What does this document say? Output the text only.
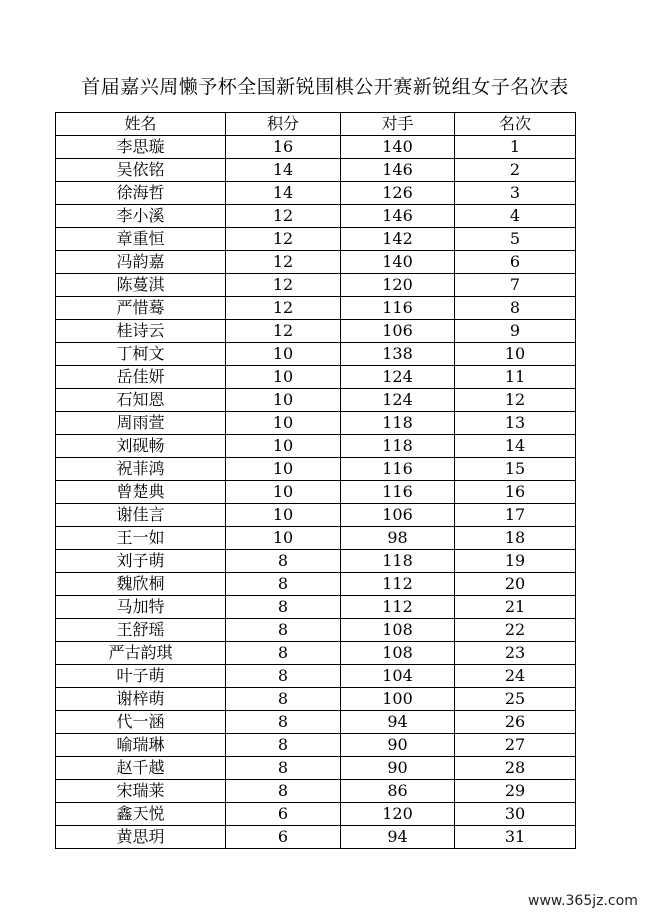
首届嘉兴周懒予杯全国新锐围棋公开赛新锐组女子名次表
姓名	积分	对手	名次
李思璇	16	140	1
吴依铭	14	146	2
徐海哲	14	126	3
李小溪	12	146	4
章重恒	12	142	5
冯韵嘉	12	140	6
陈蔓淇	12	120	7
严惜蓦	12	116	8
桂诗云	12	106	9
丁柯文	10	138	10
岳佳妍	10	124	11
石知恩	10	124	12
周雨萱	10	118	13
刘砚畅	10	118	14
祝菲鸿	10	116	15
曾楚典	10	116	16
谢佳言	10	106	17
王一如	10	98	18
刘子萌	8	118	19
魏欣桐	8	112	20
马加特	8	112	21
王舒瑶	8	108	22
严古韵琪	8	108	23
叶子萌	8	104	24
谢梓萌	8	100	25
代一涵	8	94	26
喻瑞琳	8	90	27
赵千越	8	90	28
宋瑞莱	8	86	29
鑫天悦	6	120	30
黄思玥	6	94	31
www.365jz.com
